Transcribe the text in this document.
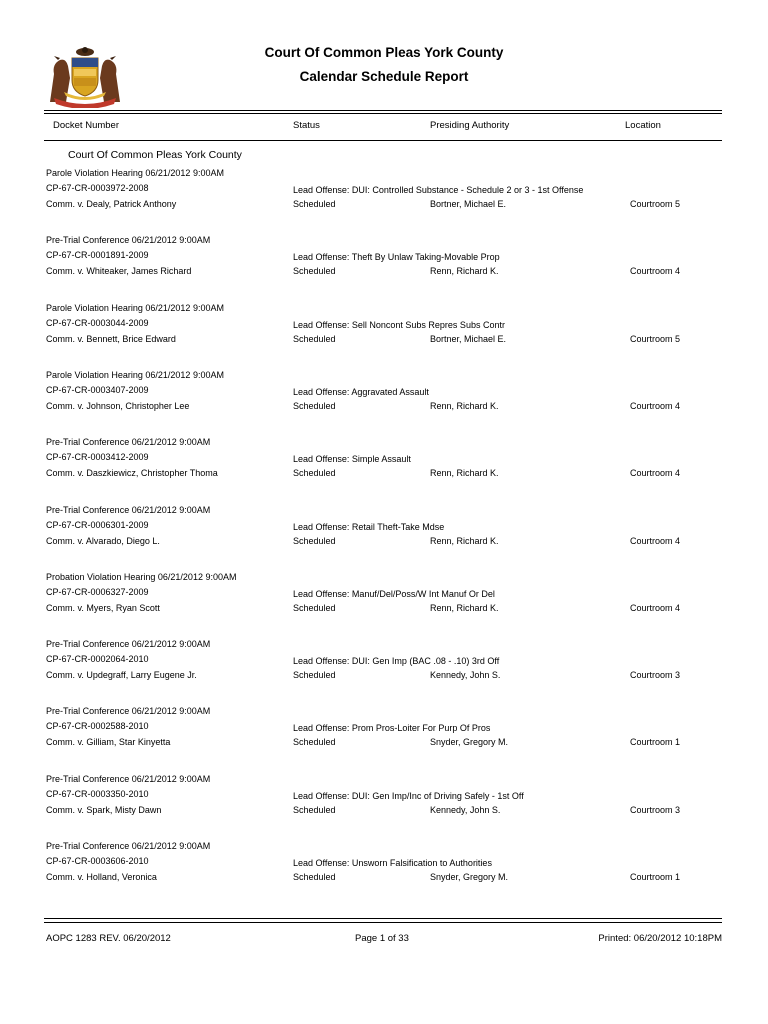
Court Of Common Pleas York County
Calendar Schedule Report
Docket Number	Status	Presiding Authority	Location
Court Of Common Pleas York County
Parole Violation Hearing 06/21/2012 9:00AM
CP-67-CR-0003972-2008
Comm. v. Dealy, Patrick Anthony
Lead Offense: DUI: Controlled Substance - Schedule 2 or 3 - 1st Offense
Scheduled	Bortner, Michael E.	Courtroom 5
Pre-Trial Conference 06/21/2012 9:00AM
CP-67-CR-0001891-2009
Comm. v. Whiteaker, James Richard
Lead Offense: Theft By Unlaw Taking-Movable Prop
Scheduled	Renn, Richard K.	Courtroom 4
Parole Violation Hearing 06/21/2012 9:00AM
CP-67-CR-0003044-2009
Comm. v. Bennett, Brice Edward
Lead Offense: Sell Noncont Subs Repres Subs Contr
Scheduled	Bortner, Michael E.	Courtroom 5
Parole Violation Hearing 06/21/2012 9:00AM
CP-67-CR-0003407-2009
Comm. v. Johnson, Christopher Lee
Lead Offense: Aggravated Assault
Scheduled	Renn, Richard K.	Courtroom 4
Pre-Trial Conference 06/21/2012 9:00AM
CP-67-CR-0003412-2009
Comm. v. Daszkiewicz, Christopher Thoma
Lead Offense: Simple Assault
Scheduled	Renn, Richard K.	Courtroom 4
Pre-Trial Conference 06/21/2012 9:00AM
CP-67-CR-0006301-2009
Comm. v. Alvarado, Diego L.
Lead Offense: Retail Theft-Take Mdse
Scheduled	Renn, Richard K.	Courtroom 4
Probation Violation Hearing 06/21/2012 9:00AM
CP-67-CR-0006327-2009
Comm. v. Myers, Ryan Scott
Lead Offense: Manuf/Del/Poss/W Int Manuf Or Del
Scheduled	Renn, Richard K.	Courtroom 4
Pre-Trial Conference 06/21/2012 9:00AM
CP-67-CR-0002064-2010
Comm. v. Updegraff, Larry Eugene Jr.
Lead Offense: DUI: Gen Imp (BAC .08 - .10) 3rd Off
Scheduled	Kennedy, John S.	Courtroom 3
Pre-Trial Conference 06/21/2012 9:00AM
CP-67-CR-0002588-2010
Comm. v. Gilliam, Star Kinyetta
Lead Offense: Prom Pros-Loiter For Purp Of Pros
Scheduled	Snyder, Gregory M.	Courtroom 1
Pre-Trial Conference 06/21/2012 9:00AM
CP-67-CR-0003350-2010
Comm. v. Spark, Misty Dawn
Lead Offense: DUI: Gen Imp/Inc of Driving Safely - 1st Off
Scheduled	Kennedy, John S.	Courtroom 3
Pre-Trial Conference 06/21/2012 9:00AM
CP-67-CR-0003606-2010
Comm. v. Holland, Veronica
Lead Offense: Unsworn Falsification to Authorities
Scheduled	Snyder, Gregory M.	Courtroom 1
AOPC 1283 REV. 06/20/2012	Page 1 of 33	Printed: 06/20/2012 10:18PM
